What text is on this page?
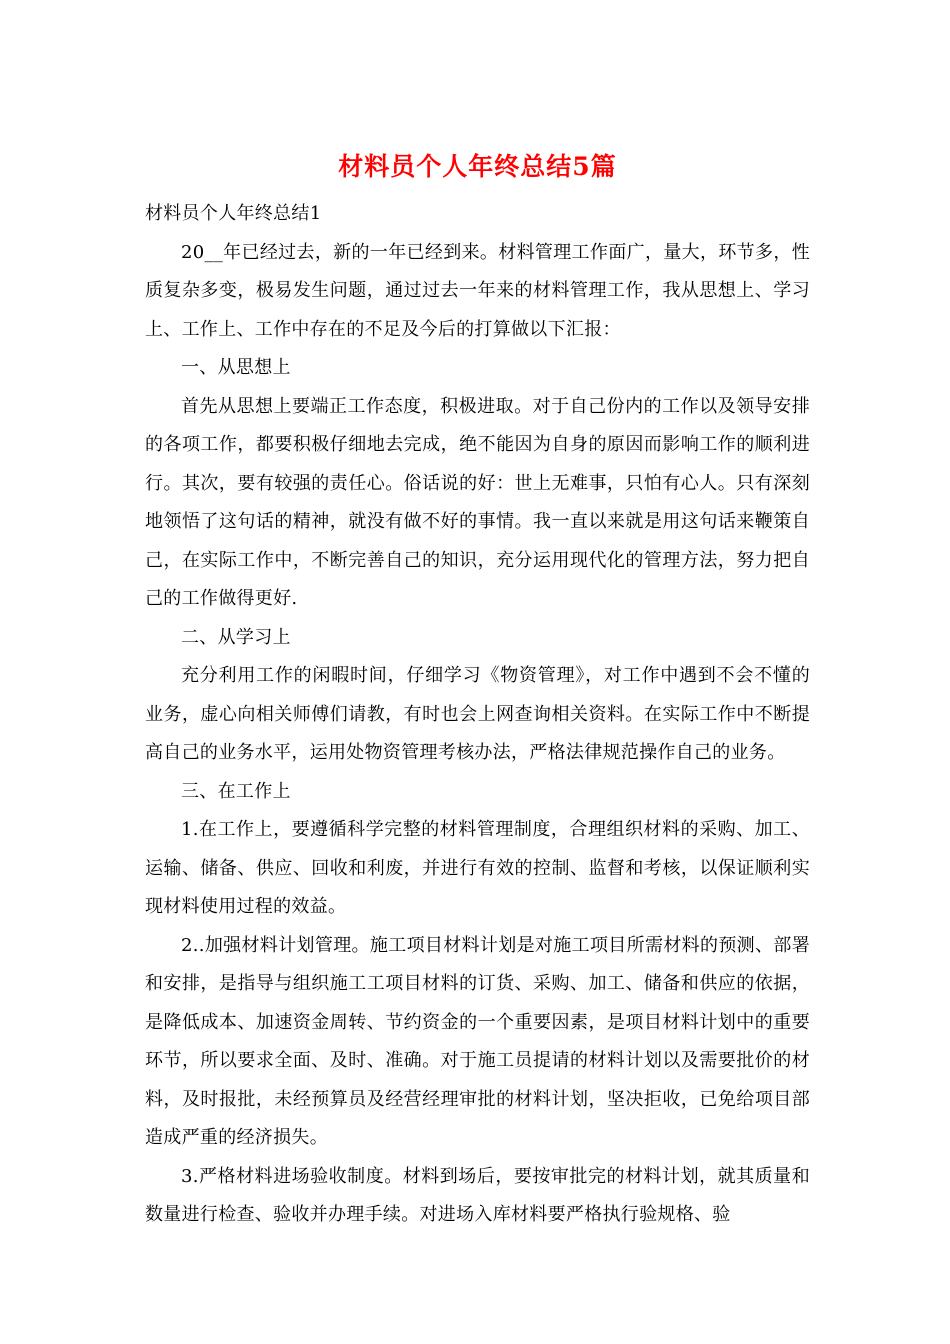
材料员个人年终总结5篇

材料员个人年终总结1

20__年已经过去，新的一年已经到来。材料管理工作面广，量大，环节多，性质复杂多变，极易发生问题，通过过去一年来的材料管理工作，我从思想上、学习上、工作上、工作中存在的不足及今后的打算做以下汇报：

一、从思想上

首先从思想上要端正工作态度，积极进取。对于自己份内的工作以及领导安排的各项工作，都要积极仔细地去完成，绝不能因为自身的原因而影响工作的顺利进行。其次，要有较强的责任心。俗话说的好：世上无难事，只怕有心人。只有深刻地领悟了这句话的精神，就没有做不好的事情。我一直以来就是用这句话来鞭策自己，在实际工作中，不断完善自己的知识，充分运用现代化的管理方法，努力把自己的工作做得更好.

二、从学习上

充分利用工作的闲暇时间，仔细学习《物资管理》，对工作中遇到不会不懂的业务，虚心向相关师傅们请教，有时也会上网查询相关资料。在实际工作中不断提高自己的业务水平，运用处物资管理考核办法，严格法律规范操作自己的业务。

三、在工作上

1.在工作上，要遵循科学完整的材料管理制度，合理组织材料的采购、加工、运输、储备、供应、回收和利废，并进行有效的控制、监督和考核，以保证顺利实现材料使用过程的效益。

2..加强材料计划管理。施工项目材料计划是对施工项目所需材料的预测、部署和安排，是指导与组织施工工项目材料的订货、采购、加工、储备和供应的依据，是降低成本、加速资金周转、节约资金的一个重要因素，是项目材料计划中的重要环节，所以要求全面、及时、准确。对于施工员提请的材料计划以及需要批价的材料，及时报批，未经预算员及经营经理审批的材料计划，坚决拒收，已免给项目部造成严重的经济损失。

3.严格材料进场验收制度。材料到场后，要按审批完的材料计划，就其质量和数量进行检查、验收并办理手续。对进场入库材料要严格执行验规格、验
